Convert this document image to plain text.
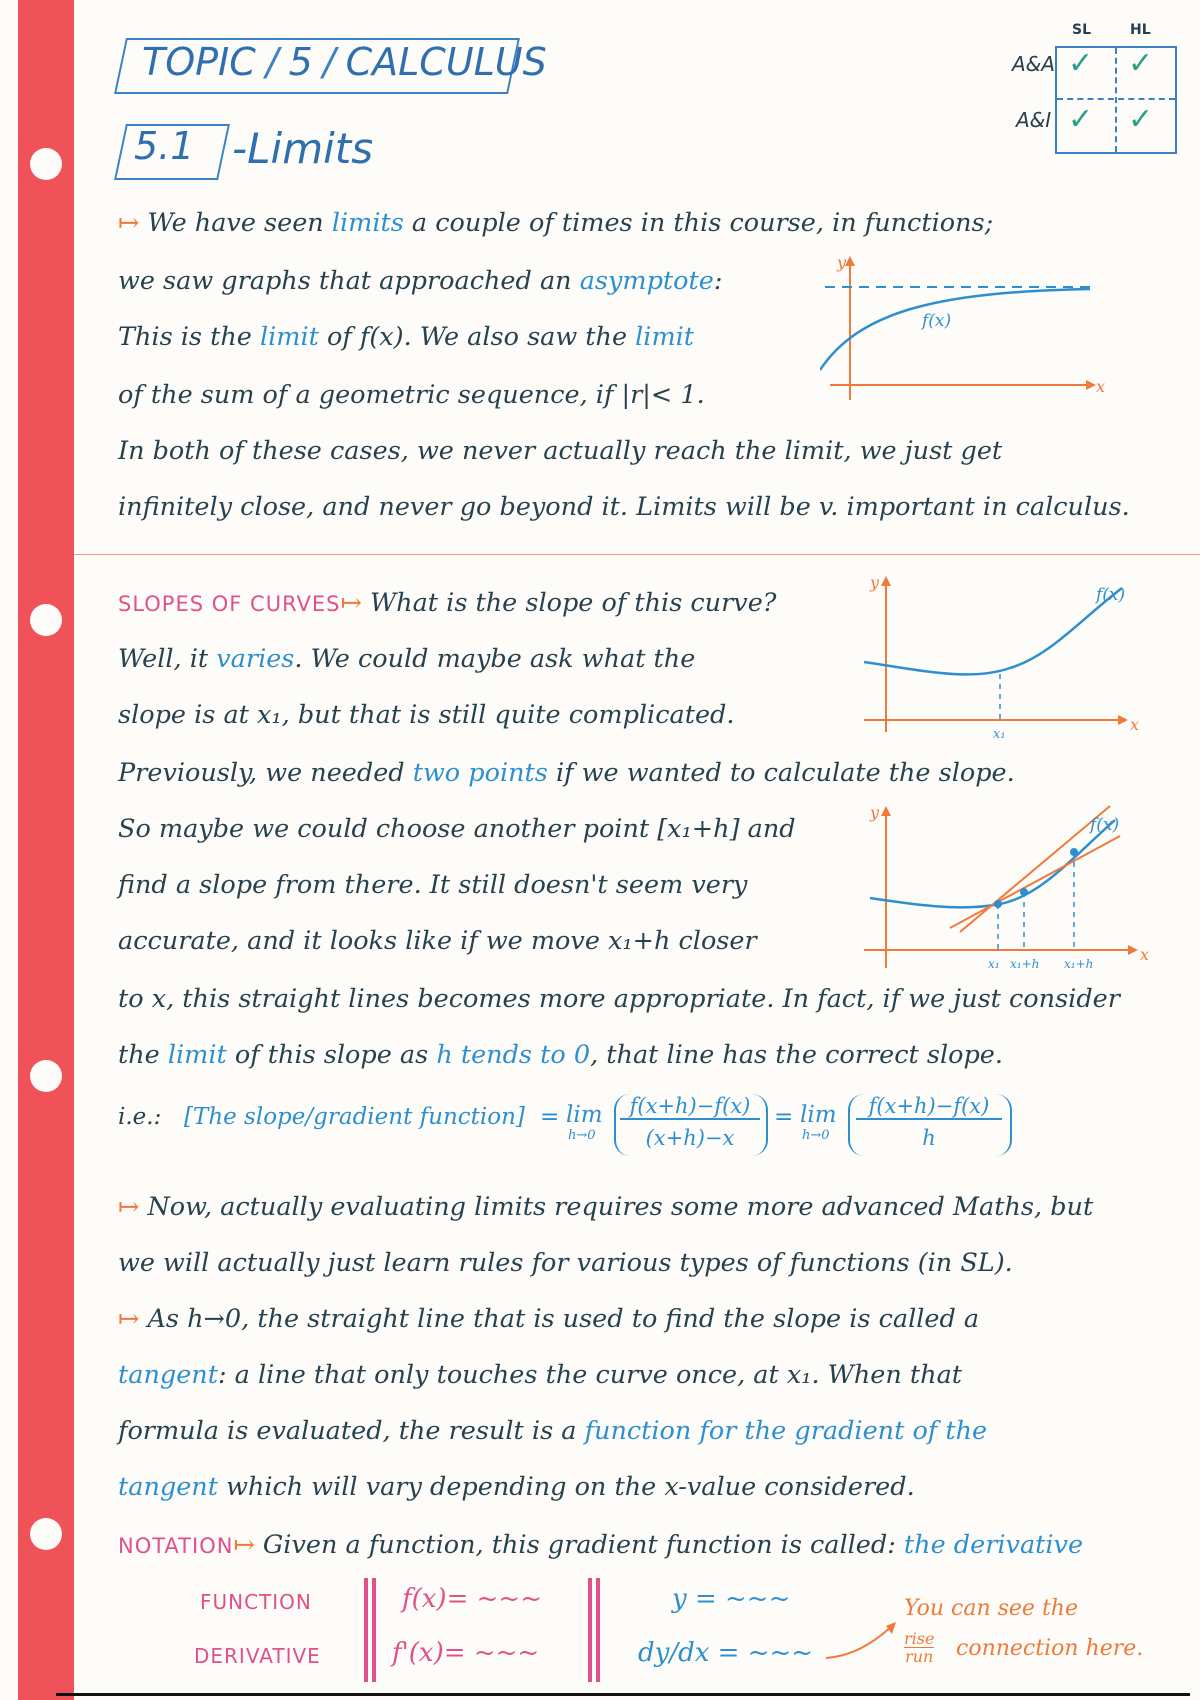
TOPIC / 5 / CALCULUS
5.1 -Limits
SL	HL
A&A
A&I
✓ ✓
✓ ✓
↦ We have seen limits a couple of times in this course, in functions;
we saw graphs that approached an asymptote:
This is the limit of f(x). We also saw the limit
of the sum of a geometric sequence, if |r|< 1.
In both of these cases, we never actually reach the limit, we just get
infinitely close, and never go beyond it. Limits will be v. important in calculus.
y
x
f(x)
SLOPES OF CURVES↦ What is the slope of this curve?
Well, it varies. We could maybe ask what the
slope is at x₁, but that is still quite complicated.
Previously, we needed two points if we wanted to calculate the slope.
So maybe we could choose another point [x₁+h] and
find a slope from there. It still doesn't seem very
accurate, and it looks like if we move x₁+h closer
to x, this straight lines becomes more appropriate. In fact, if we just consider
the limit of this slope as h tends to 0, that line has the correct slope.
y
x
f(x)
x₁
y
x
f(x)
x₁ x₁+h x₁+h
i.e.: [The slope/gradient function] = lim
h→0
f(x+h)−f(x)
(x+h)−x
= lim
h→0
f(x+h)−f(x)
h
↦ Now, actually evaluating limits requires some more advanced Maths, but
we will actually just learn rules for various types of functions (in SL).
↦ As h→0, the straight line that is used to find the slope is called a
tangent: a line that only touches the curve once, at x₁. When that
formula is evaluated, the result is a function for the gradient of the
tangent which will vary depending on the x-value considered.
NOTATION↦ Given a function, this gradient function is called: the derivative
FUNCTION
DERIVATIVE
f(x)= ~~~
f'(x)= ~~~
y = ~~~
dy/dx = ~~~
You can see the
rise
run connection here.
